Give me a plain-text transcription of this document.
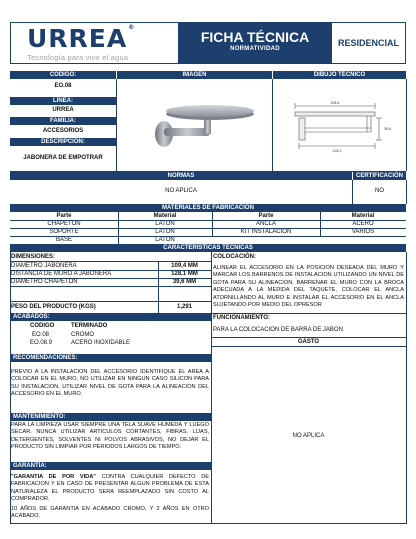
URREA®
Tecnología para vivir el agua
FICHA TÉCNICA
NORMATIVIDAD
RESIDENCIAL
CÓDIGO:	IMAGEN	DIBUJO TÉCNICO
EO.08
LÍNEA:
URREA
FAMILIA:
ACCESORIOS
DESCRIPCIÓN:
JABONERA DE EMPOTRAR
108,4
39,6
128,1
NORMAS	CERTIFICACIÓN
NO APLICA	NO
MATERIALES DE FABRICACIÓN
Parte	Material	Parte	Material
CHAPETON	LATON	ANCLA	ACERO
SOPORTE	LATON	KIT INSTALACION	VARIOS
BASE	LATON
CARACTERÍSTICAS TÉCNICAS
DIMENSIONES:
DIAMETRO JABONERA	109,4 MM
DISTANCIA DE MURO A JABONERA	128,1 MM
DIAMETRO CHAPETON	39,6 MM
PESO DEL PRODUCTO (KGS)	1,291
COLOCACIÓN:
ALINEAR EL ACCESORIO EN LA POSICION DESEADA DEL MURO Y MARCAR LOS BARRENOS DE INSTALACION UTILIZANDO UN NIVEL DE GOTA PARA SU ALINEACION. BARRENAR EL MURO CON LA BROCA ADECUADA A LA MEDIDA DEL TAQUETE, COLOCAR EL ANCLA ATORNILLANDO AL MURO E INSTALAR EL ACCESORIO EN EL ANCLA SUJETANDO POR MEDIO DEL OPRESOR
ACABADOS:
CODIGO	TERMINADO
EO.08	CROMO
EO.08.9	ACERO INOXIDABLE
FUNCIONAMIENTO:
PARA LA COLOCACION DE BARRA DE JABON
GASTO
NO APLICA
RECOMENDACIONES:
PREVIO A LA INSTALACION DEL ACCESORIO IDENTIFIQUE EL AREA A COLOCAR EN EL MURO, NO UTILIZAR EN NINGUN CASO SILICON PARA SU INSTALACION. UTILIZAR NIVEL DE GOTA PARA LA ALINEACION DEL ACCESORIO EN EL MURO.
MANTENIMIENTO:
PARA LA LIMPIEZA USAR SIEMPRE UNA TELA SUAVE HUMEDA Y LUEGO SECAR. NUNCA UTILIZAR ARTICULOS CORTANTES, FIBRAS, LIJAS, DETERGENTES, SOLVENTES NI POLVOS ABRASIVOS, NO DEJAR EL PRODUCTO SIN LIMPIAR POR PERIODOS LARGOS DE TIEMPO.
GARANTÍA:
"GARANTIA DE POR VIDA" CONTRA CUALQUIER DEFECTO DE FABRICACION Y EN CASO DE PRESENTAR ALGUN PROBLEMA DE ESTA NATURALEZA EL PRODUCTO SERA REEMPLAZADO SIN COSTO AL COMPRADOR.
10 AÑOS DE GARANTIA EN ACABADO CROMO, Y 2 AÑOS EN OTRO ACABADO.
